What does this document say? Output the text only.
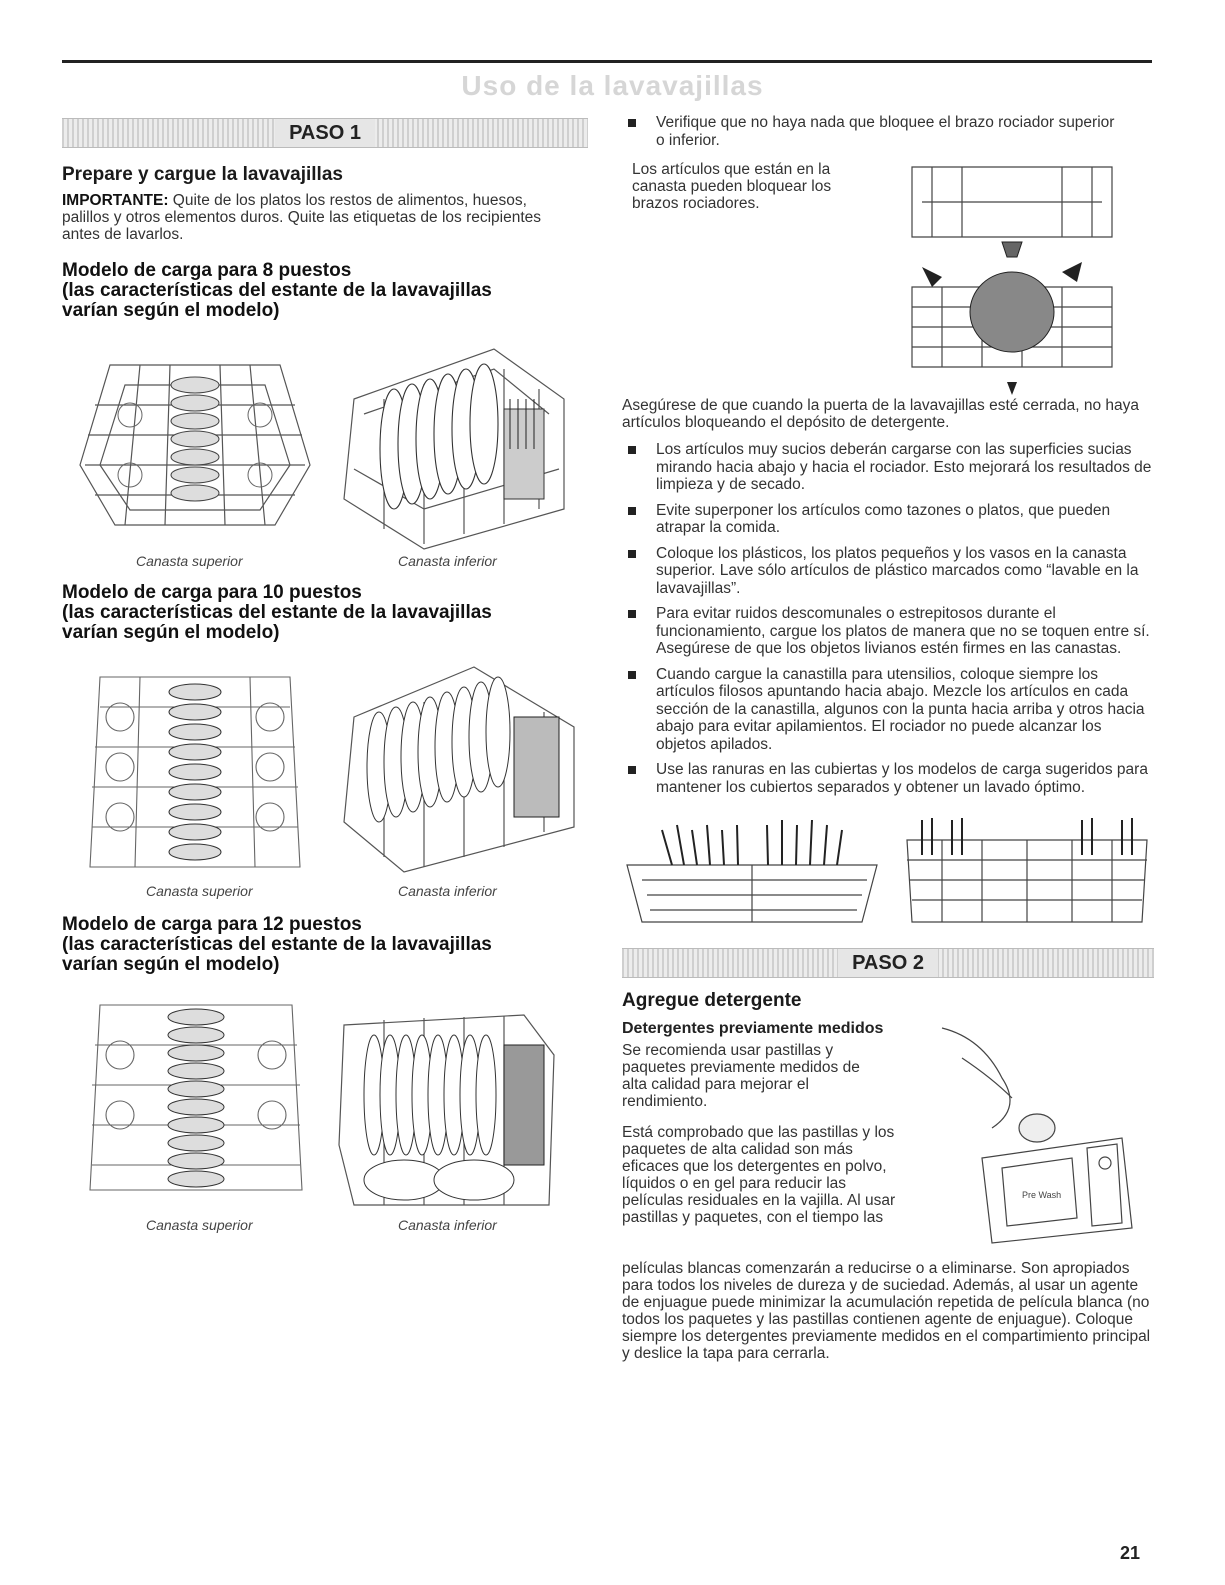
Uso de la lavavajillas
PASO 1
Prepare y cargue la lavavajillas

IMPORTANTE: Quite de los platos los restos de alimentos, huesos, palillos y otros elementos duros. Quite las etiquetas de los recipientes antes de lavarlos.

Modelo de carga para 8 puestos
(las características del estante de la lavavajillas
varían según el modelo)
Canasta superior	Canasta inferior
Modelo de carga para 10 puestos
(las características del estante de la lavavajillas
varían según el modelo)
Canasta superior	Canasta inferior
Modelo de carga para 12 puestos
(las características del estante de la lavavajillas
varían según el modelo)
Canasta superior	Canasta inferior
Verifique que no haya nada que bloquee el brazo rociador superior o inferior.

Los artículos que están en la canasta pueden bloquear los brazos rociadores.

Asegúrese de que cuando la puerta de la lavavajillas esté cerrada, no haya artículos bloqueando el depósito de detergente.

Los artículos muy sucios deberán cargarse con las superficies sucias mirando hacia abajo y hacia el rociador. Esto mejorará los resultados de limpieza y de secado.
Evite superponer los artículos como tazones o platos, que pueden atrapar la comida.
Coloque los plásticos, los platos pequeños y los vasos en la canasta superior. Lave sólo artículos de plástico marcados como “lavable en la lavavajillas”.
Para evitar ruidos descomunales o estrepitosos durante el funcionamiento, cargue los platos de manera que no se toquen entre sí. Asegúrese de que los objetos livianos estén firmes en las canastas.
Cuando cargue la canastilla para utensilios, coloque siempre los artículos filosos apuntando hacia abajo. Mezcle los artículos en cada sección de la canastilla, algunos con la punta hacia arriba y otros hacia abajo para evitar apilamientos. El rociador no puede alcanzar los objetos apilados.
Use las ranuras en las cubiertas y los modelos de carga sugeridos para mantener los cubiertos separados y obtener un lavado óptimo.
PASO 2
Agregue detergente
Detergentes previamente medidos

Se recomienda usar pastillas y paquetes previamente medidos de alta calidad para mejorar el rendimiento.

Está comprobado que las pastillas y los paquetes de alta calidad son más eficaces que los detergentes en polvo, líquidos o en gel para reducir las películas residuales en la vajilla. Al usar pastillas y paquetes, con el tiempo las

Pre Wash

películas blancas comenzarán a reducirse o a eliminarse. Son apropiados para todos los niveles de dureza y de suciedad. Además, al usar un agente de enjuague puede minimizar la acumulación repetida de película blanca (no todos los paquetes y las pastillas contienen agente de enjuague). Coloque siempre los detergentes previamente medidos en el compartimiento principal y deslice la tapa para cerrarla.

21
